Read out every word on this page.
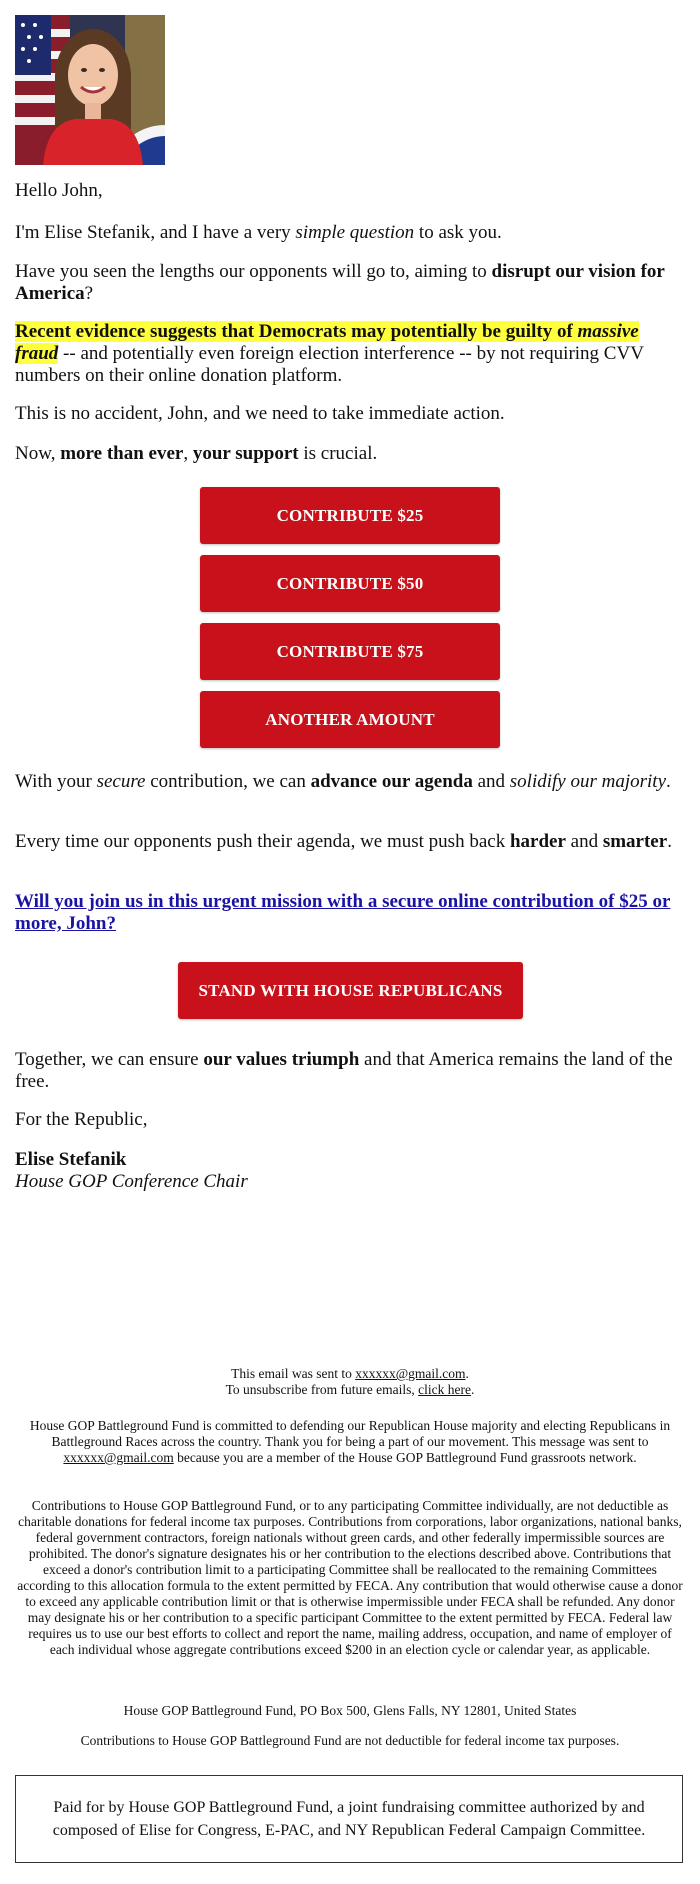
Hello John,

I'm Elise Stefanik, and I have a very simple question to ask you.

Have you seen the lengths our opponents will go to, aiming to disrupt our vision for America?

Recent evidence suggests that Democrats may potentially be guilty of massive fraud -- and potentially even foreign election interference -- by not requiring CVV numbers on their online donation platform.

This is no accident, John, and we need to take immediate action.

Now, more than ever, your support is crucial.

CONTRIBUTE $25
CONTRIBUTE $50
CONTRIBUTE $75
ANOTHER AMOUNT

With your secure contribution, we can advance our agenda and solidify our majority.

Every time our opponents push their agenda, we must push back harder and smarter.

Will you join us in this urgent mission with a secure online contribution of $25 or more, John?

STAND WITH HOUSE REPUBLICANS

Together, we can ensure our values triumph and that America remains the land of the free.

For the Republic,

Elise Stefanik
House GOP Conference Chair

This email was sent to xxxxxx@gmail.com.
To unsubscribe from future emails, click here.

House GOP Battleground Fund is committed to defending our Republican House majority and electing Republicans in Battleground Races across the country. Thank you for being a part of our movement. This message was sent to xxxxxx@gmail.com because you are a member of the House GOP Battleground Fund grassroots network.

Contributions to House GOP Battleground Fund, or to any participating Committee individually, are not deductible as charitable donations for federal income tax purposes. Contributions from corporations, labor organizations, national banks, federal government contractors, foreign nationals without green cards, and other federally impermissible sources are prohibited. The donor's signature designates his or her contribution to the elections described above. Contributions that exceed a donor's contribution limit to a participating Committee shall be reallocated to the remaining Committees according to this allocation formula to the extent permitted by FECA. Any contribution that would otherwise cause a donor to exceed any applicable contribution limit or that is otherwise impermissible under FECA shall be refunded. Any donor may designate his or her contribution to a specific participant Committee to the extent permitted by FECA. Federal law requires us to use our best efforts to collect and report the name, mailing address, occupation, and name of employer of each individual whose aggregate contributions exceed $200 in an election cycle or calendar year, as applicable.

House GOP Battleground Fund, PO Box 500, Glens Falls, NY 12801, United States

Contributions to House GOP Battleground Fund are not deductible for federal income tax purposes.

Paid for by House GOP Battleground Fund, a joint fundraising committee authorized by and composed of Elise for Congress, E-PAC, and NY Republican Federal Campaign Committee.
